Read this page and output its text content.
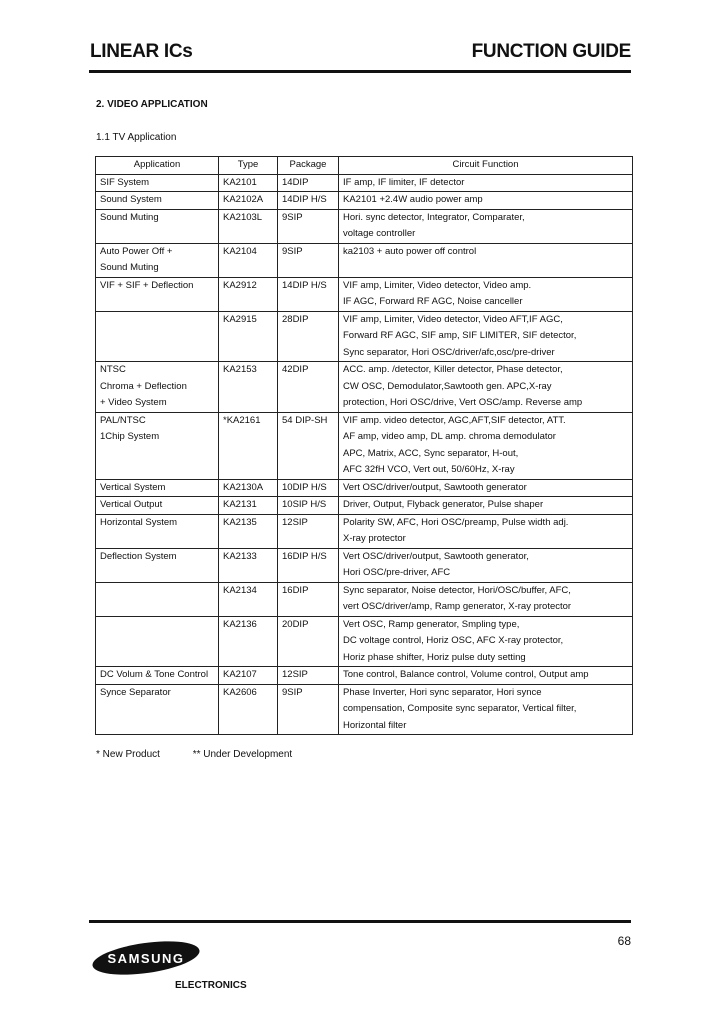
LINEAR ICs	FUNCTION GUIDE
2. VIDEO APPLICATION
1.1 TV Application
Application	Type	Package	Circuit Function

SIF System	KA2101	14DIP	IF amp, IF limiter, IF detector

Sound System	KA2102A	14DIP H/S	KA2101 +2.4W audio power amp

Sound Muting	KA2103L	9SIP	Hori. sync detector, Integrator, Comparater,
voltage controller

Auto Power Off +
Sound Muting	KA2104	9SIP	ka2103 + auto power off control

VIF + SIF + Deflection	KA2912	14DIP H/S	VIF amp, Limiter, Video detector, Video amp.
IF AGC, Forward RF AGC, Noise canceller

	KA2915	28DIP	VIF amp, Limiter, Video detector, Video AFT,IF AGC,
Forward RF AGC, SIF amp, SIF LIMITER, SIF detector,
Sync separator, Hori OSC/driver/afc,osc/pre-driver

NTSC
Chroma + Deflection
+ Video System	KA2153	42DIP	ACC. amp. /detector, Killer detector, Phase detector,
CW OSC, Demodulator,Sawtooth gen. APC,X-ray
protection, Hori OSC/drive, Vert OSC/amp. Reverse amp

PAL/NTSC
1Chip System	*KA2161	54 DIP-SH	VIF amp. video detector, AGC,AFT,SIF detector, ATT.
AF amp, video amp, DL amp. chroma demodulator
APC, Matrix, ACC, Sync separator, H-out,
AFC 32fH VCO, Vert out, 50/60Hz, X-ray

Vertical System	KA2130A	10DIP H/S	Vert OSC/driver/output, Sawtooth generator

Vertical Output	KA2131	10SIP H/S	Driver, Output, Flyback generator, Pulse shaper

Horizontal System	KA2135	12SIP	Polarity SW, AFC, Hori OSC/preamp, Pulse width adj.
X-ray protector

Deflection System	KA2133	16DIP H/S	Vert OSC/driver/output, Sawtooth generator,
Hori OSC/pre-driver, AFC

	KA2134	16DIP	Sync separator, Noise detector, Hori/OSC/buffer, AFC,
vert OSC/driver/amp, Ramp generator, X-ray protector

	KA2136	20DIP	Vert OSC, Ramp generator, Smpling type,
DC voltage control, Horiz OSC, AFC X-ray protector,
Horiz phase shifter, Horiz pulse duty setting

DC Volum & Tone Control	KA2107	12SIP	Tone control, Balance control, Volume control, Output amp

Synce Separator	KA2606	9SIP	Phase Inverter, Hori sync separator, Hori synce
compensation, Composite sync separator, Vertical filter,
Horizontal filter
* New Product	** Under Development
68
SAMSUNG
ELECTRONICS
